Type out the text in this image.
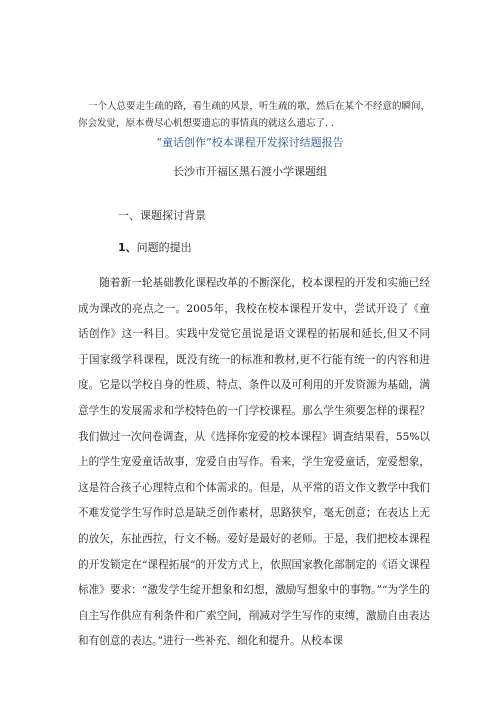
一个人总要走生疏的路，看生疏的风景，听生疏的歌，然后在某个不经意的瞬间，你会发觉，原本费尽心机想要遗忘的事情真的就这么遗忘了. .

“童话创作”校本课程开发探讨结题报告
长沙市开福区黑石渡小学课题组
一、课题探讨背景
1、问题的提出

随着新一轮基础教化课程改革的不断深化，校本课程的开发和实施已经成为课改的亮点之一。2005年，我校在校本课程开发中，尝试开设了《童话创作》这一科目。实践中发觉它虽说是语文课程的拓展和延长,但又不同于国家级学科课程，既没有统一的标准和教材,更不行能有统一的内容和进度。它是以学校自身的性质、特点、条件以及可利用的开发资源为基础，满意学生的发展需求和学校特色的一门学校课程。那么学生须要怎样的课程？我们做过一次问卷调查，从《选择你宠爱的校本课程》调查结果看，55%以上的学生宠爱童话故事，宠爱自由写作。看来，学生宠爱童话，宠爱想象，这是符合孩子心理特点和个体需求的。但是，从平常的语文作文教学中我们不难发觉学生写作时总是缺乏创作素材，思路狭窄，毫无创意；在表达上无的放矢，东扯西拉，行文不畅。爱好是最好的老师。于是，我们把校本课程的开发锁定在“课程拓展”的开发方式上，依照国家教化部制定的《语文课程标准》要求：“激发学生绽开想象和幻想，激励写想象中的事物。”“为学生的自主写作供应有利条件和广索空间，削减对学生写作的束缚，激励自由表达和有创意的表达。”进行一些补充、细化和提升。从校本课
